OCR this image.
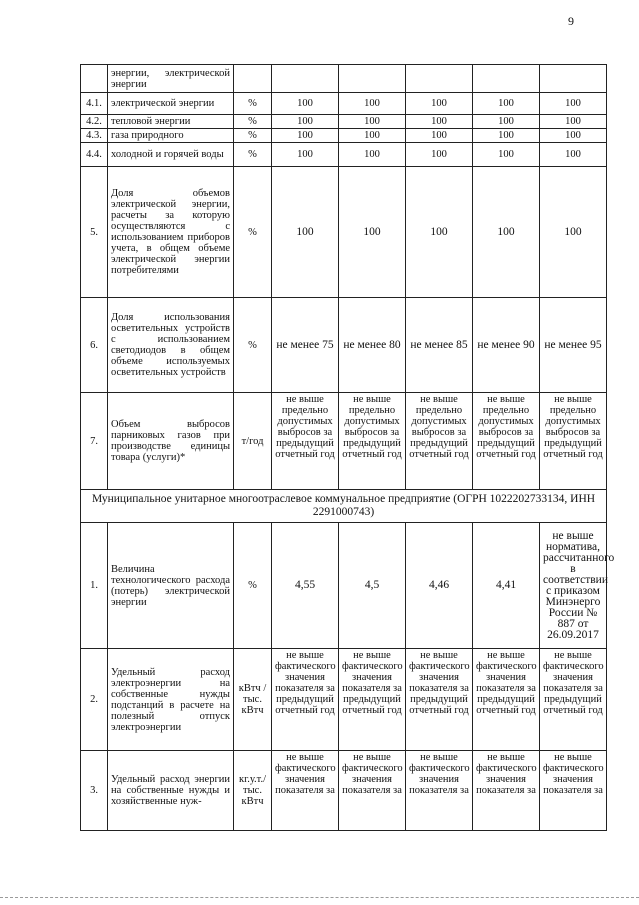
9
	энергии, электрической энергии						
4.1.	электрической энергии	%	100	100	100	100	100
4.2.	тепловой энергии	%	100	100	100	100	100
4.3.	газа природного	%	100	100	100	100	100
4.4.	холодной и горячей воды	%	100	100	100	100	100
5.	Доля объемов электрической энергии, расчеты за которую осуществляются с использованием приборов учета, в общем объеме электрической энергии потребителями	%	100	100	100	100	100
6.	Доля использования осветительных устройств с использованием светодиодов в общем объеме используемых осветительных устройств	%	не менее 75	не менее 80	не менее 85	не менее 90	не менее 95
7.	Объем выбросов парниковых газов при производстве единицы товара (услуги)*	т/год	не выше предельно допустимых выбросов за предыдущий отчетный год	не выше предельно допустимых выбросов за предыдущий отчетный год	не выше предельно допустимых выбросов за предыдущий отчетный год	не выше предельно допустимых выбросов за предыдущий отчетный год	не выше предельно допустимых выбросов за предыдущий отчетный год
Муниципальное унитарное многоотраслевое коммунальное предприятие (ОГРН 1022202733134, ИНН 2291000743)							
1.	Величина технологического расхода (потерь) электрической энергии	%	4,55	4,5	4,46	4,41	не выше норматива, рассчитанного в соответствии с приказом Минэнерго России № 887 от 26.09.2017
2.	Удельный расход электроэнергии на собственные нужды подстанций в расчете на полезный отпуск электроэнергии	кВтч / тыс. кВтч	не выше фактического значения показателя за предыдущий отчетный год	не выше фактического значения показателя за предыдущий отчетный год	не выше фактического значения показателя за предыдущий отчетный год	не выше фактического значения показателя за предыдущий отчетный год	не выше фактического значения показателя за предыдущий отчетный год
3.	Удельный расход энергии на собственные нужды и хозяйственные нуж-	кг.у.т./ тыс. кВтч	не выше фактического значения показателя за	не выше фактического значения показателя за	не выше фактического значения показателя за	не выше фактического значения показателя за	не выше фактического значения показателя за
